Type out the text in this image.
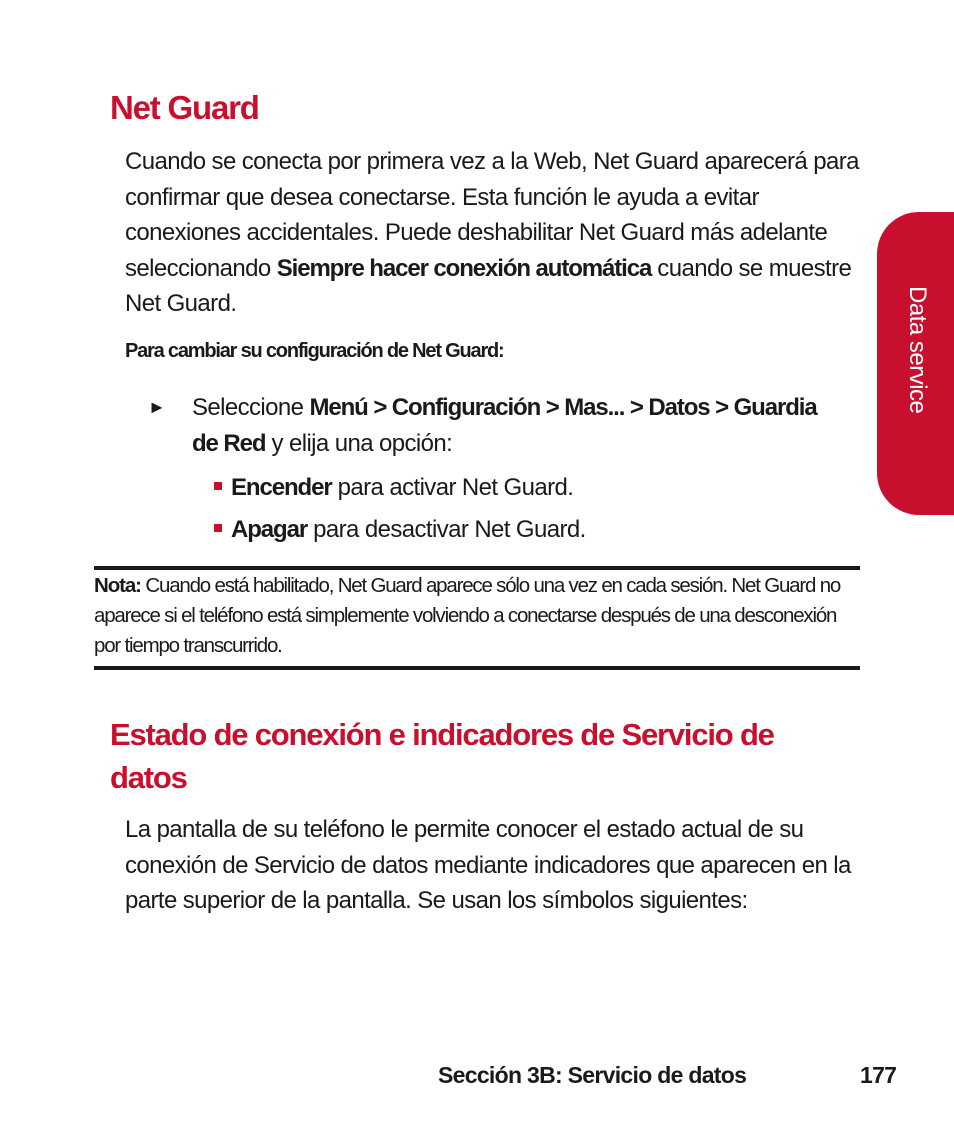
Data service
Net Guard

Cuando se conecta por primera vez a la Web, Net Guard aparecerá para confirmar que desea conectarse. Esta función le ayuda a evitar conexiones accidentales. Puede deshabilitar Net Guard más adelante seleccionando Siempre hacer conexión automática cuando se muestre Net Guard.

Para cambiar su configuración de Net Guard:

► Seleccione Menú > Configuración > Mas... > Datos > Guardia de Red y elija una opción:

Encender para activar Net Guard.
Apagar para desactivar Net Guard.

Nota: Cuando está habilitado, Net Guard aparece sólo una vez en cada sesión. Net Guard no aparece si el teléfono está simplemente volviendo a conectarse después de una desconexión por tiempo transcurrido.

Estado de conexión e indicadores de Servicio de datos

La pantalla de su teléfono le permite conocer el estado actual de su conexión de Servicio de datos mediante indicadores que aparecen en la parte superior de la pantalla. Se usan los símbolos siguientes:

Sección 3B: Servicio de datos	177
